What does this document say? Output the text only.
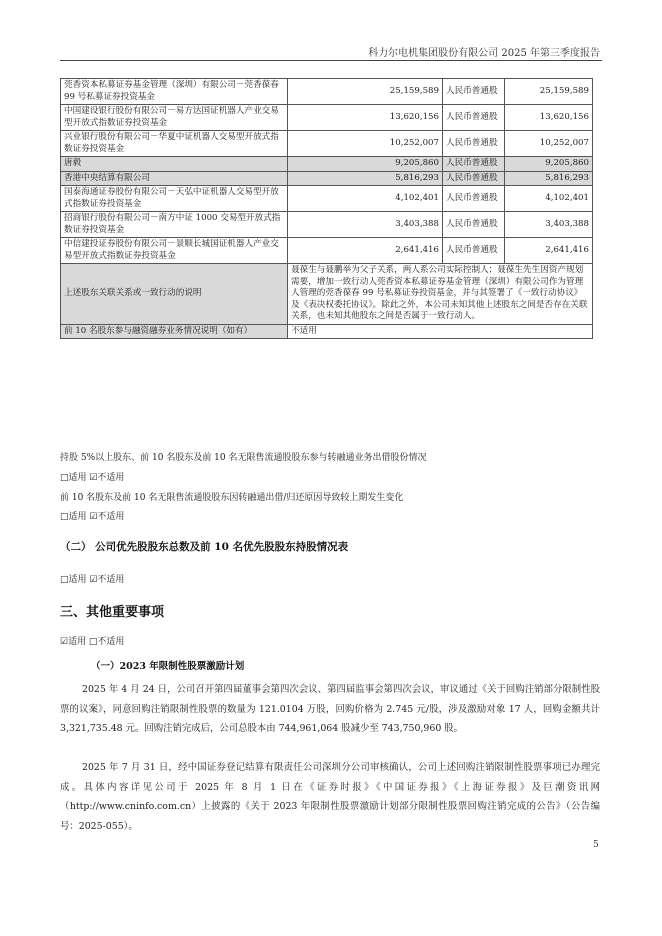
科力尔电机集团股份有限公司 2025 年第三季度报告
莞香资本私募证券基金管理（深圳）有限公司－莞香葆春 99 号私募证券投资基金	25,159,589	人民币普通股	25,159,589
中国建设银行股份有限公司－易方达国证机器人产业交易型开放式指数证券投资基金	13,620,156	人民币普通股	13,620,156
兴业银行股份有限公司－华夏中证机器人交易型开放式指数证券投资基金	10,252,007	人民币普通股	10,252,007
唐毅	9,205,860	人民币普通股	9,205,860
香港中央结算有限公司	5,816,293	人民币普通股	5,816,293
国泰海通证券股份有限公司－天弘中证机器人交易型开放式指数证券投资基金	4,102,401	人民币普通股	4,102,401
招商银行股份有限公司－南方中证 1000 交易型开放式指数证券投资基金	3,403,388	人民币普通股	3,403,388
中信建投证券股份有限公司－景顺长城国证机器人产业交易型开放式指数证券投资基金	2,641,416	人民币普通股	2,641,416
上述股东关联关系或一致行动的说明	聂葆生与聂鹏举为父子关系，两人系公司实际控制人；聂葆生先生因资产规划需要，增加一致行动人莞香资本私募证券基金管理（深圳）有限公司作为管理人管理的莞香葆春 99 号私募证券投资基金，并与其签署了《一致行动协议》及《表决权委托协议》。除此之外，本公司未知其他上述股东之间是否存在关联关系，也未知其他股东之间是否属于一致行动人。		
前 10 名股东参与融资融券业务情况说明（如有）	不适用		
持股 5%以上股东、前 10 名股东及前 10 名无限售流通股股东参与转融通业务出借股份情况
□适用 ☑不适用
前 10 名股东及前 10 名无限售流通股股东因转融通出借/归还原因导致较上期发生变化
□适用 ☑不适用
（二） 公司优先股股东总数及前 10 名优先股股东持股情况表
□适用 ☑不适用
三、其他重要事项
☑适用 □不适用
（一）2023 年限制性股票激励计划
2025 年 4 月 24 日，公司召开第四届董事会第四次会议、第四届监事会第四次会议，审议通过《关于回购注销部分限制性股票的议案》，同意回购注销限制性股票的数量为 121.0104 万股，回购价格为 2.745 元/股，涉及激励对象 17 人，回购金额共计 3,321,735.48 元。回购注销完成后，公司总股本由 744,961,064 股减少至 743,750,960 股。
2025 年 7 月 31 日，经中国证券登记结算有限责任公司深圳分公司审核确认，公司上述回购注销限制性股票事项已办理完成。具体内容详见公司于 2025 年 8 月 1 日在《证券时报》《中国证券报》《上海证券报》及巨潮资讯网（http://www.cninfo.com.cn）上披露的《关于 2023 年限制性股票激励计划部分限制性股票回购注销完成的公告》（公告编号：2025-055）。
5
